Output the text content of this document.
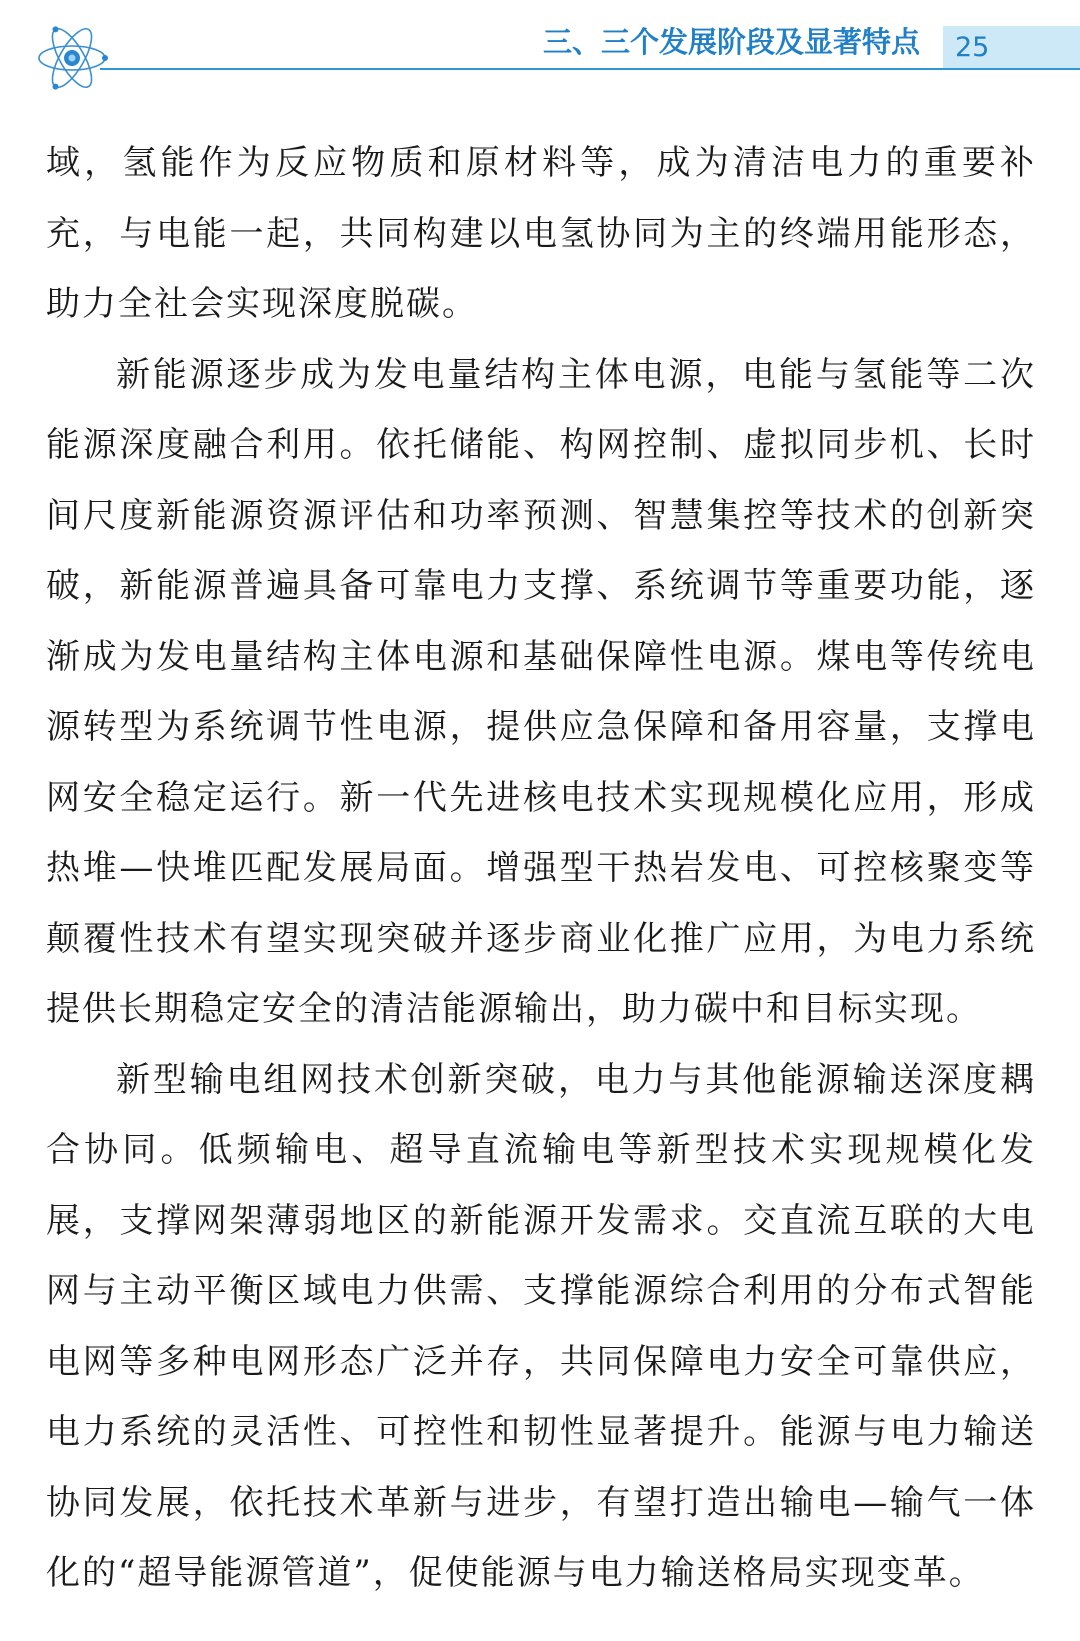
三、三个发展阶段及显著特点 25

域，氢能作为反应物质和原材料等，成为清洁电力的重要补充，与电能一起，共同构建以电氢协同为主的终端用能形态，助力全社会实现深度脱碳。

新能源逐步成为发电量结构主体电源，电能与氢能等二次能源深度融合利用。依托储能、构网控制、虚拟同步机、长时间尺度新能源资源评估和功率预测、智慧集控等技术的创新突破，新能源普遍具备可靠电力支撑、系统调节等重要功能，逐渐成为发电量结构主体电源和基础保障性电源。煤电等传统电源转型为系统调节性电源，提供应急保障和备用容量，支撑电网安全稳定运行。新一代先进核电技术实现规模化应用，形成热堆—快堆匹配发展局面。增强型干热岩发电、可控核聚变等颠覆性技术有望实现突破并逐步商业化推广应用，为电力系统提供长期稳定安全的清洁能源输出，助力碳中和目标实现。

新型输电组网技术创新突破，电力与其他能源输送深度耦合协同。低频输电、超导直流输电等新型技术实现规模化发展，支撑网架薄弱地区的新能源开发需求。交直流互联的大电网与主动平衡区域电力供需、支撑能源综合利用的分布式智能电网等多种电网形态广泛并存，共同保障电力安全可靠供应，电力系统的灵活性、可控性和韧性显著提升。能源与电力输送协同发展，依托技术革新与进步，有望打造出输电—输气一体化的“超导能源管道”，促使能源与电力输送格局实现变革。
